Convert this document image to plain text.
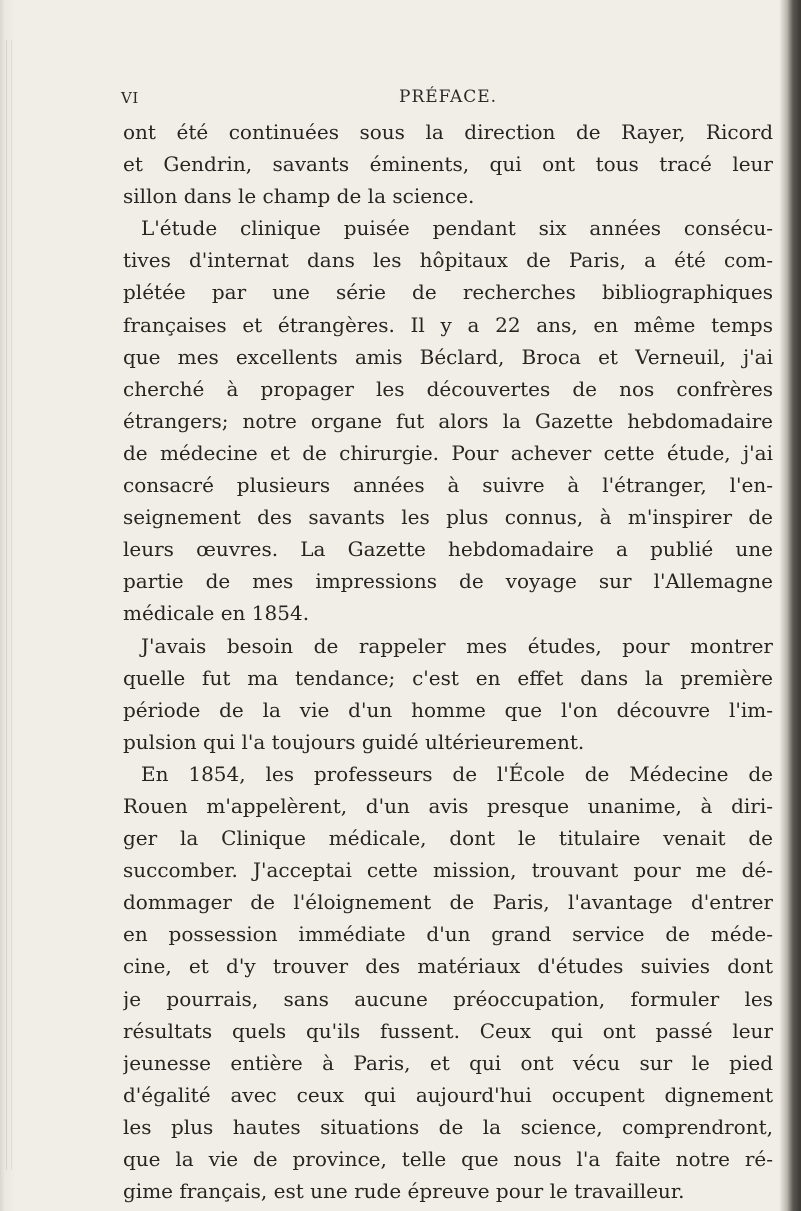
VI	PRÉFACE.
ont été continuées sous la direction de Rayer, Ricord
et Gendrin, savants éminents, qui ont tous tracé leur
sillon dans le champ de la science.
L'étude clinique puisée pendant six années consécu-
tives d'internat dans les hôpitaux de Paris, a été com-
plétée par une série de recherches bibliographiques
françaises et étrangères. Il y a 22 ans, en même temps
que mes excellents amis Béclard, Broca et Verneuil, j'ai
cherché à propager les découvertes de nos confrères
étrangers; notre organe fut alors la Gazette hebdomadaire
de médecine et de chirurgie. Pour achever cette étude, j'ai
consacré plusieurs années à suivre à l'étranger, l'en-
seignement des savants les plus connus, à m'inspirer de
leurs œuvres. La Gazette hebdomadaire a publié une
partie de mes impressions de voyage sur l'Allemagne
médicale en 1854.
J'avais besoin de rappeler mes études, pour montrer
quelle fut ma tendance; c'est en effet dans la première
période de la vie d'un homme que l'on découvre l'im-
pulsion qui l'a toujours guidé ultérieurement.
En 1854, les professeurs de l'École de Médecine de
Rouen m'appelèrent, d'un avis presque unanime, à diri-
ger la Clinique médicale, dont le titulaire venait de
succomber. J'acceptai cette mission, trouvant pour me dé-
dommager de l'éloignement de Paris, l'avantage d'entrer
en possession immédiate d'un grand service de méde-
cine, et d'y trouver des matériaux d'études suivies dont
je pourrais, sans aucune préoccupation, formuler les
résultats quels qu'ils fussent. Ceux qui ont passé leur
jeunesse entière à Paris, et qui ont vécu sur le pied
d'égalité avec ceux qui aujourd'hui occupent dignement
les plus hautes situations de la science, comprendront,
que la vie de province, telle que nous l'a faite notre ré-
gime français, est une rude épreuve pour le travailleur.
